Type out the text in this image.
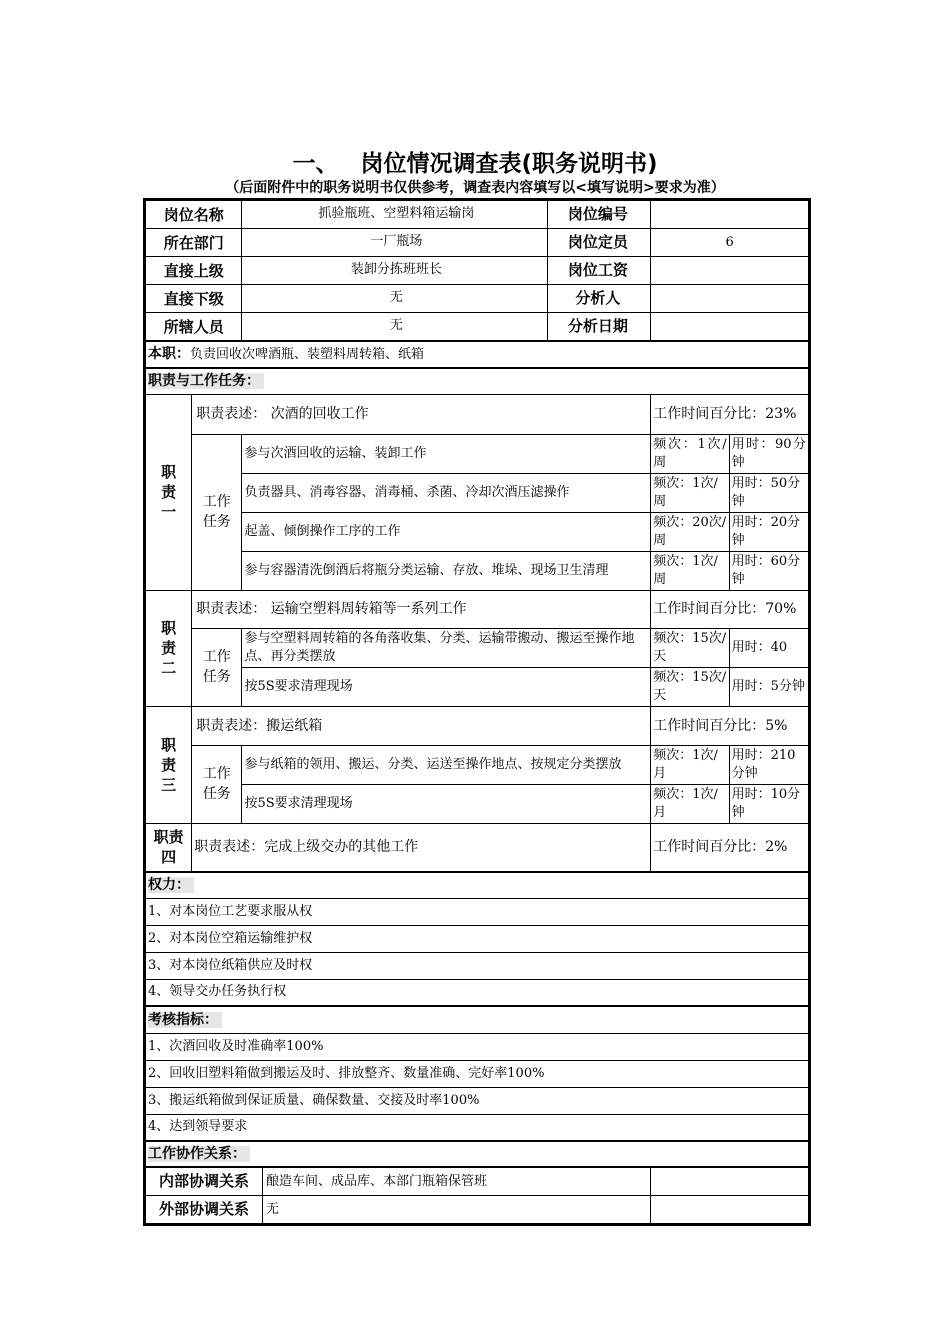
一、 岗位情况调查表(职务说明书)
（后面附件中的职务说明书仅供参考，调查表内容填写以<填写说明>要求为准）
岗位名称		抓验瓶班、空塑料箱运输岗 岗位编号		

所在部门		一厂瓶场 岗位定员	6	
直接上级		装卸分拣班班长 岗位工资		

直接下级		无 分析人		

所辖人员		无 分析日期		

本职：负责回收次啤酒瓶、装塑料周转箱、纸箱				
职责与工作任务：				

职责一	职责表述： 次酒的回收工作		工作时间百分比：23%	

	工作任务	参与次酒回收的运输、装卸工作	频次：1次/周	用时：90分钟
		负责器具、消毒容器、消毒桶、杀菌、冷却次酒压滤操作	频次：1次/周	用时：50分钟
		起盖、倾倒操作工序的工作	频次：20次/周	用时：20分钟
		参与容器清洗倒酒后将瓶分类运输、存放、堆垛、现场卫生清理	频次：1次/周	用时：60分钟

职责二	职责表述： 运输空塑料周转箱等一系列工作		工作时间百分比：70%	

	工作任务	参与空塑料周转箱的各角落收集、分类、运输带搬动、搬运至操作地点、再分类摆放	频次：15次/天	用时：40
		按5S要求清理现场	频次：15次/天	用时：5分钟

职责三	职责表述：搬运纸箱		工作时间百分比：5%	

	工作任务	参与纸箱的领用、搬运、分类、运送至操作地点、按规定分类摆放	频次：1次/月	用时：210分钟
		按5S要求清理现场	频次：1次/月	用时：10分钟
职责四	职责表述：完成上级交办的其他工作		工作时间百分比：2%	
权力：				
1、对本岗位工艺要求服从权				
2、对本岗位空箱运输维护权				
3、对本岗位纸箱供应及时权				
4、领导交办任务执行权				
考核指标：				
1、次酒回收及时准确率100%				
2、回收旧塑料箱做到搬运及时、排放整齐、数量准确、完好率100%				
3、搬运纸箱做到保证质量、确保数量、交接及时率100%				
4、达到领导要求				
工作协作关系：				

内部协调关系 酿造车间、成品库、本部门瓶箱保管班				

外部协调关系 无				
